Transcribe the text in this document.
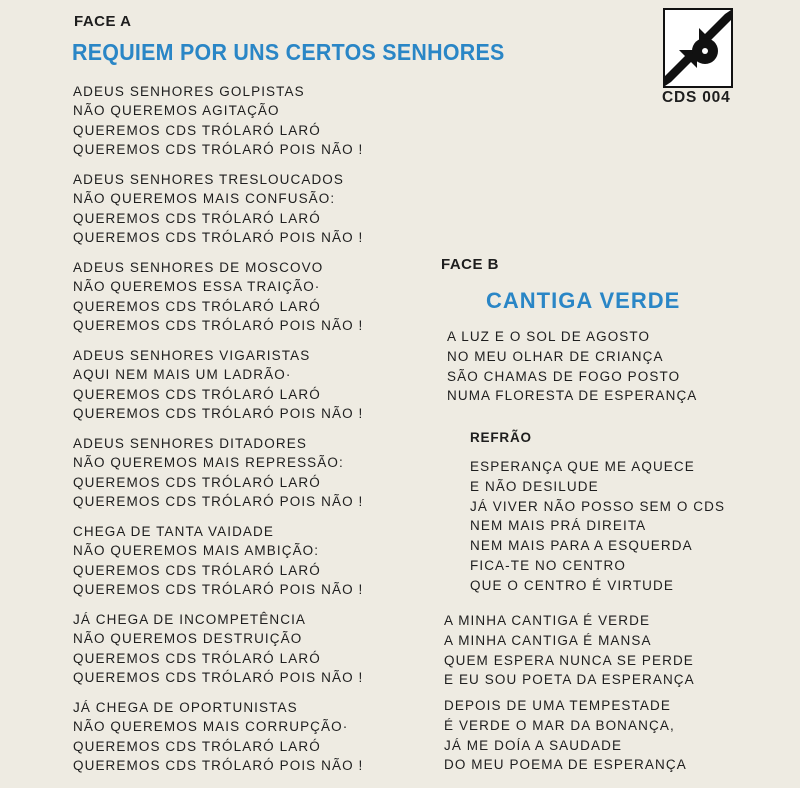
FACE A
REQUIEM POR UNS CERTOS SENHORES
ADEUS SENHORES GOLPISTAS
NÃO QUEREMOS AGITAÇÃO
QUEREMOS CDS TRÓLARÓ LARÓ
QUEREMOS CDS TRÓLARÓ POIS NÃO !
ADEUS SENHORES TRESLOUCADOS
NÃO QUEREMOS MAIS CONFUSÃO:
QUEREMOS CDS TRÓLARÓ LARÓ
QUEREMOS CDS TRÓLARÓ POIS NÃO !
ADEUS SENHORES DE MOSCOVO
NÃO QUEREMOS ESSA TRAIÇÃO·
QUEREMOS CDS TRÓLARÓ LARÓ
QUEREMOS CDS TRÓLARÓ POIS NÃO !
ADEUS SENHORES VIGARISTAS
AQUI NEM MAIS UM LADRÃO·
QUEREMOS CDS TRÓLARÓ LARÓ
QUEREMOS CDS TRÓLARÓ POIS NÃO !
ADEUS SENHORES DITADORES
NÃO QUEREMOS MAIS REPRESSÃO:
QUEREMOS CDS TRÓLARÓ LARÓ
QUEREMOS CDS TRÓLARÓ POIS NÃO !
CHEGA DE TANTA VAIDADE
NÃO QUEREMOS MAIS AMBIÇÃO:
QUEREMOS CDS TRÓLARÓ LARÓ
QUEREMOS CDS TRÓLARÓ POIS NÃO !
JÁ CHEGA DE INCOMPETÊNCIA
NÃO QUEREMOS DESTRUIÇÃO
QUEREMOS CDS TRÓLARÓ LARÓ
QUEREMOS CDS TRÓLARÓ POIS NÃO !
JÁ CHEGA DE OPORTUNISTAS
NÃO QUEREMOS MAIS CORRUPÇÃO·
QUEREMOS CDS TRÓLARÓ LARÓ
QUEREMOS CDS TRÓLARÓ POIS NÃO !
CDS 004
FACE B
CANTIGA VERDE
A LUZ E O SOL DE AGOSTO
NO MEU OLHAR DE CRIANÇA
SÃO CHAMAS DE FOGO POSTO
NUMA FLORESTA DE ESPERANÇA
REFRÃO
ESPERANÇA QUE ME AQUECE
E NÃO DESILUDE
JÁ VIVER NÃO POSSO SEM O CDS
NEM MAIS PRÁ DIREITA
NEM MAIS PARA A ESQUERDA
FICA-TE NO CENTRO
QUE O CENTRO É VIRTUDE
A MINHA CANTIGA É VERDE
A MINHA CANTIGA É MANSA
QUEM ESPERA NUNCA SE PERDE
E EU SOU POETA DA ESPERANÇA
DEPOIS DE UMA TEMPESTADE
É VERDE O MAR DA BONANÇA,
JÁ ME DOÍA A SAUDADE
DO MEU POEMA DE ESPERANÇA
